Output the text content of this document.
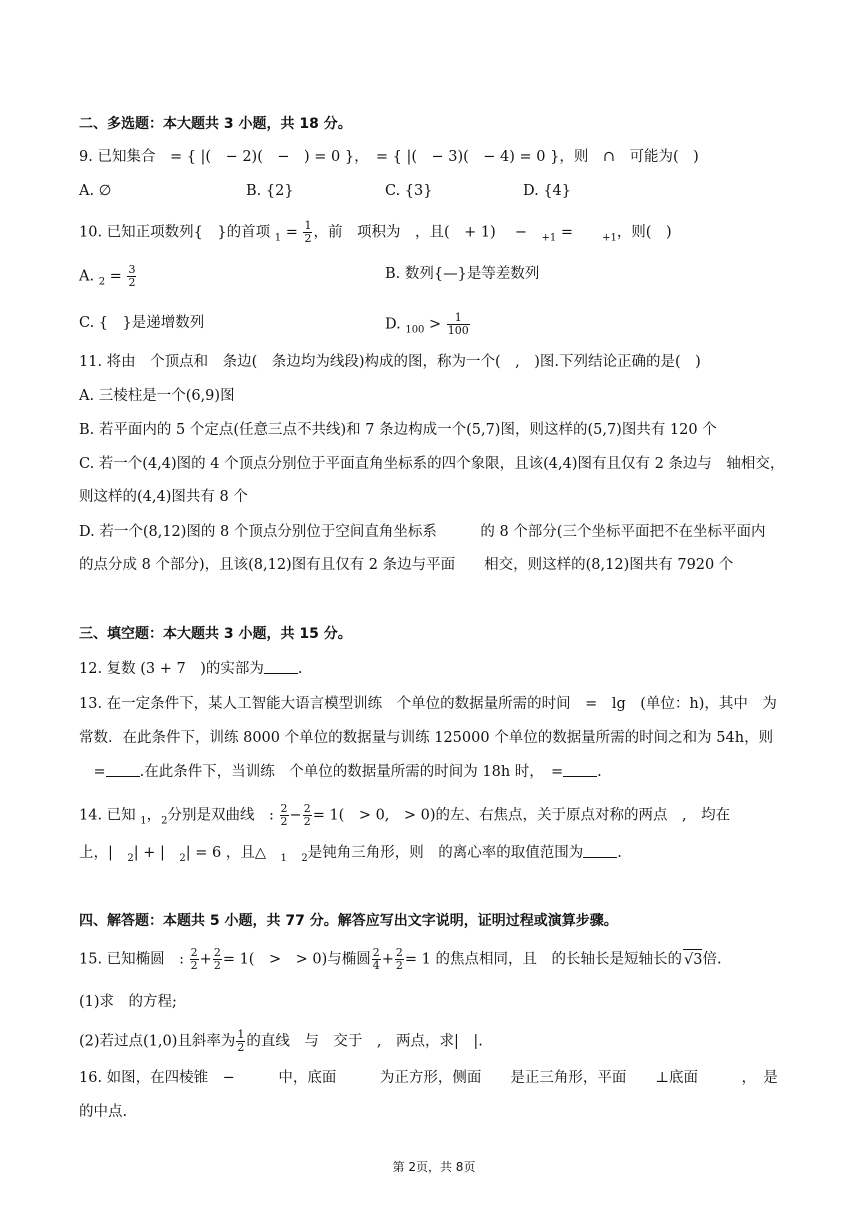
二、多选题：本大题共 3 小题，共 18 分。
9. 已知集合　= { |(　− 2)(　−　) = 0 }，　= { |(　− 3)(　− 4) = 0 }，则　∩　可能为(　)
A. ∅	B. {2}	C. {3}	D. {4}
10. 已知正项数列{　}的首项 $_1 = \frac{1}{2}$ ，前　项积为　，且(　+ 1)　 −　$_{+1}$ =　　$_{+1}$，则(　)
A. $_2 = \frac{3}{2}$	B. 数列{—}是等差数列
C. {　}是递增数列	D. $_{100} > \frac{1}{100}$
11. 将由　个顶点和　条边(　条边均为线段)构成的图，称为一个(　,　)图.下列结论正确的是(　)
A. 三棱柱是一个(6,9)图
B. 若平面内的 5 个定点(任意三点不共线)和 7 条边构成一个(5,7)图，则这样的(5,7)图共有 120 个
C. 若一个(4,4)图的 4 个顶点分别位于平面直角坐标系的四个象限，且该(4,4)图有且仅有 2 条边与　轴相交，
则这样的(4,4)图共有 8 个
D. 若一个(8,12)图的 8 个顶点分别位于空间直角坐标系　　　的 8 个部分(三个坐标平面把不在坐标平面内
的点分成 8 个部分)，且该(8,12)图有且仅有 2 条边与平面　　相交，则这样的(8,12)图共有 7920 个
三、填空题：本大题共 3 小题，共 15 分。
12. 复数 (3 + 7　)的实部为 .
13. 在一定条件下，某人工智能大语言模型训练　个单位的数据量所需的时间　=　lg　(单位：h)，其中　为
常数．在此条件下，训练 8000 个单位的数据量与训练 125000 个单位的数据量所需的时间之和为 54h，则
　= .在此条件下，当训练　个单位的数据量所需的时间为 18h 时，　= .
14. 已知 $_1$，$_2$分别是双曲线　: $\frac{2}{2} - \frac{2}{2} = 1$(　> 0,　> 0)的左、右焦点，关于原点对称的两点　,　均在
上，|　 $_2$| + |　 $_2$| = 6 ，且△　 $_1$　 $_2$是钝角三角形，则　的离心率的取值范围为 .
四、解答题：本题共 5 小题，共 77 分。解答应写出文字说明，证明过程或演算步骤。
15. 已知椭圆　: $\frac{2}{2} + \frac{2}{2} = 1$(　>　> 0)与椭圆 $\frac{2}{4} + \frac{2}{2} = 1$ 的焦点相同，且　的长轴长是短轴长的 √3倍.
(1)求　的方程;
(2)若过点(1,0)且斜率为 $\frac{1}{2}$ 的直线　与　交于　,　两点，求|　|.
16. 如图，在四棱锥　−　　　中，底面　　　为正方形，侧面　　是正三角形，平面　　⊥底面　　　，　是
的中点.
第 2页，共 8页
